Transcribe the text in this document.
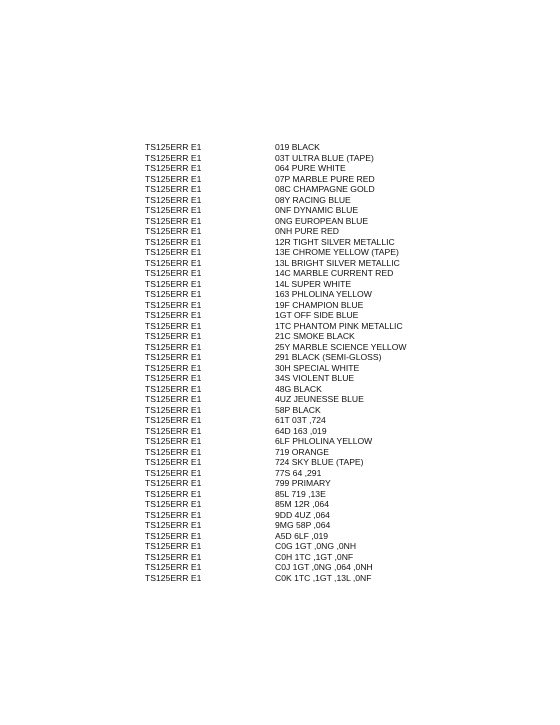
TS125ERR E1	019 BLACK
TS125ERR E1	03T ULTRA BLUE (TAPE)
TS125ERR E1	064 PURE WHITE
TS125ERR E1	07P MARBLE PURE RED
TS125ERR E1	08C CHAMPAGNE GOLD
TS125ERR E1	08Y RACING BLUE
TS125ERR E1	0NF DYNAMIC BLUE
TS125ERR E1	0NG EUROPEAN BLUE
TS125ERR E1	0NH PURE RED
TS125ERR E1	12R TIGHT SILVER METALLIC
TS125ERR E1	13E CHROME YELLOW (TAPE)
TS125ERR E1	13L BRIGHT SILVER METALLIC
TS125ERR E1	14C MARBLE CURRENT RED
TS125ERR E1	14L SUPER WHITE
TS125ERR E1	163 PHLOLINA YELLOW
TS125ERR E1	19F CHAMPION BLUE
TS125ERR E1	1GT OFF SIDE BLUE
TS125ERR E1	1TC PHANTOM PINK METALLIC
TS125ERR E1	21C SMOKE BLACK
TS125ERR E1	25Y MARBLE SCIENCE YELLOW
TS125ERR E1	291 BLACK (SEMI-GLOSS)
TS125ERR E1	30H SPECIAL WHITE
TS125ERR E1	34S VIOLENT BLUE
TS125ERR E1	48G BLACK
TS125ERR E1	4UZ JEUNESSE BLUE
TS125ERR E1	58P BLACK
TS125ERR E1	61T 03T ,724
TS125ERR E1	64D 163 ,019
TS125ERR E1	6LF PHLOLINA YELLOW
TS125ERR E1	719 ORANGE
TS125ERR E1	724 SKY BLUE (TAPE)
TS125ERR E1	77S 64 ,291
TS125ERR E1	799 PRIMARY
TS125ERR E1	85L 719 ,13E
TS125ERR E1	85M 12R ,064
TS125ERR E1	9DD 4UZ ,064
TS125ERR E1	9MG 58P ,064
TS125ERR E1	A5D 6LF ,019
TS125ERR E1	C0G 1GT ,0NG ,0NH
TS125ERR E1	C0H 1TC ,1GT ,0NF
TS125ERR E1	C0J 1GT ,0NG ,064 ,0NH
TS125ERR E1	C0K 1TC ,1GT ,13L ,0NF
